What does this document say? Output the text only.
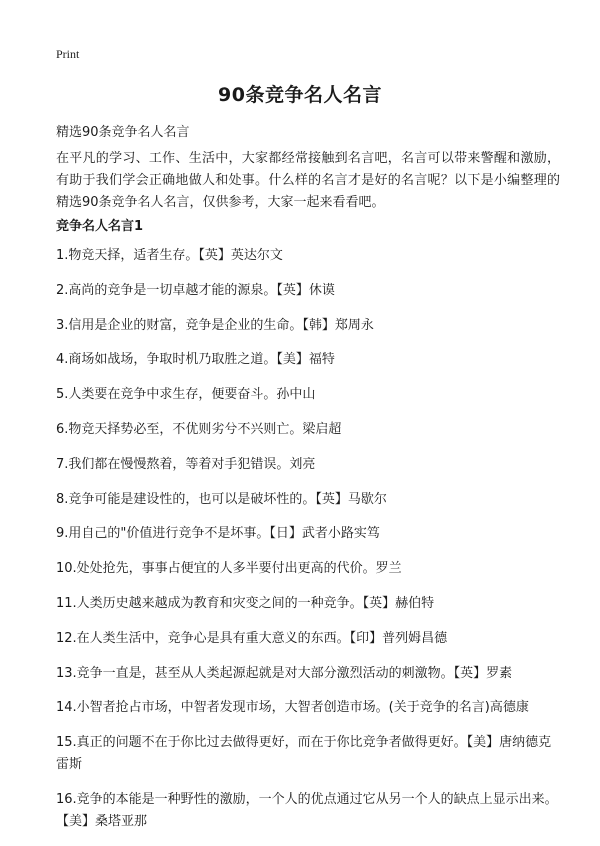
Print
90条竞争名人名言
精选90条竞争名人名言

在平凡的学习、工作、生活中，大家都经常接触到名言吧，名言可以带来警醒和激励，有助于我们学会正确地做人和处事。什么样的名言才是好的名言呢？以下是小编整理的精选90条竞争名人名言，仅供参考，大家一起来看看吧。

竞争名人名言1
1.物竞天择，适者生存。【英】英达尔文
2.高尚的竞争是一切卓越才能的源泉。【英】休谟
3.信用是企业的财富，竞争是企业的生命。【韩】郑周永
4.商场如战场，争取时机乃取胜之道。【美】福特
5.人类要在竞争中求生存，便要奋斗。孙中山
6.物竞天择势必至，不优则劣兮不兴则亡。梁启超
7.我们都在慢慢熬着，等着对手犯错误。刘亮
8.竞争可能是建设性的，也可以是破坏性的。【英】马歇尔
9.用自己的"价值进行竞争不是坏事。【日】武者小路实笃
10.处处抢先，事事占便宜的人多半要付出更高的代价。罗兰
11.人类历史越来越成为教育和灾变之间的一种竞争。【英】赫伯特
12.在人类生活中，竞争心是具有重大意义的东西。【印】普列姆昌德
13.竞争一直是，甚至从人类起源起就是对大部分激烈活动的刺激物。【英】罗素
14.小智者抢占市场，中智者发现市场，大智者创造市场。(关于竞争的名言)高德康
15.真正的问题不在于你比过去做得更好，而在于你比竞争者做得更好。【美】唐纳德克雷斯
16.竞争的本能是一种野性的激励，一个人的优点通过它从另一个人的缺点上显示出来。【美】桑塔亚那
